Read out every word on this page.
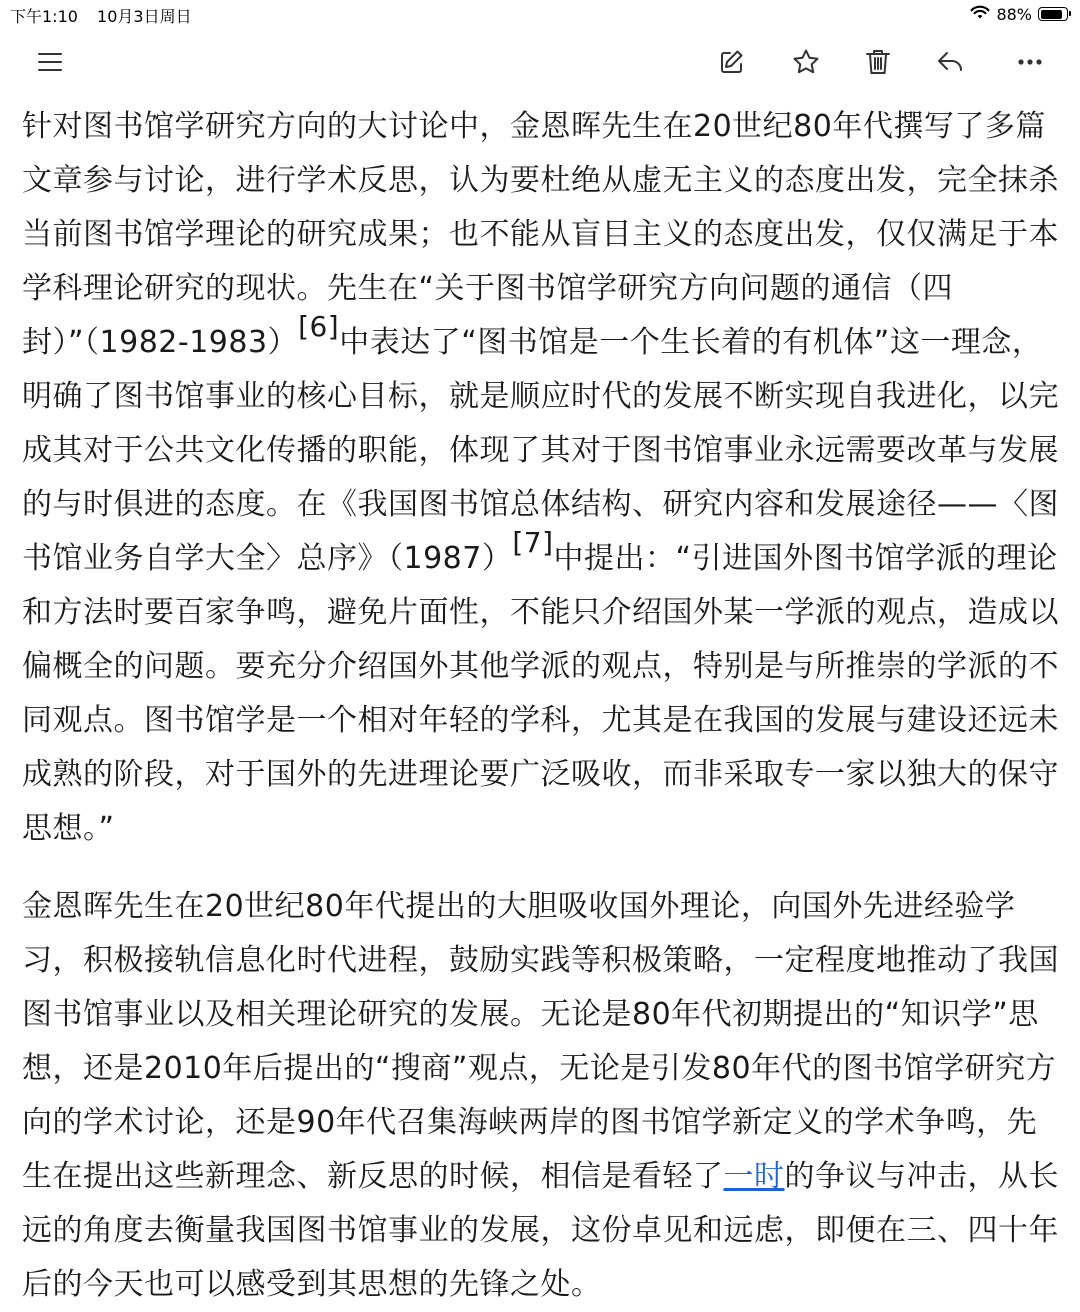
下午1:10 10月3日周日	88%

针对图书馆学研究方向的大讨论中，金恩晖先生在20世纪80年代撰写了多篇文章参与讨论，进行学术反思，认为要杜绝从虚无主义的态度出发，完全抹杀当前图书馆学理论的研究成果；也不能从盲目主义的态度出发，仅仅满足于本学科理论研究的现状。先生在“关于图书馆学研究方向问题的通信（四封）”（1982-1983）[6]中表达了“图书馆是一个生长着的有机体”这一理念，明确了图书馆事业的核心目标，就是顺应时代的发展不断实现自我进化，以完成其对于公共文化传播的职能，体现了其对于图书馆事业永远需要改革与发展的与时俱进的态度。在《我国图书馆总体结构、研究内容和发展途径——〈图书馆业务自学大全〉总序》（1987）[7]中提出：“引进国外图书馆学派的理论和方法时要百家争鸣，避免片面性，不能只介绍国外某一学派的观点，造成以偏概全的问题。要充分介绍国外其他学派的观点，特别是与所推崇的学派的不同观点。图书馆学是一个相对年轻的学科，尤其是在我国的发展与建设还远未成熟的阶段，对于国外的先进理论要广泛吸收，而非采取专一家以独大的保守思想。”

金恩晖先生在20世纪80年代提出的大胆吸收国外理论，向国外先进经验学习，积极接轨信息化时代进程，鼓励实践等积极策略，一定程度地推动了我国图书馆事业以及相关理论研究的发展。无论是80年代初期提出的“知识学”思想，还是2010年后提出的“搜商”观点，无论是引发80年代的图书馆学研究方向的学术讨论，还是90年代召集海峡两岸的图书馆学新定义的学术争鸣，先生在提出这些新理念、新反思的时候，相信是看轻了一时的争议与冲击，从长远的角度去衡量我国图书馆事业的发展，这份卓见和远虑，即便在三、四十年后的今天也可以感受到其思想的先锋之处。
